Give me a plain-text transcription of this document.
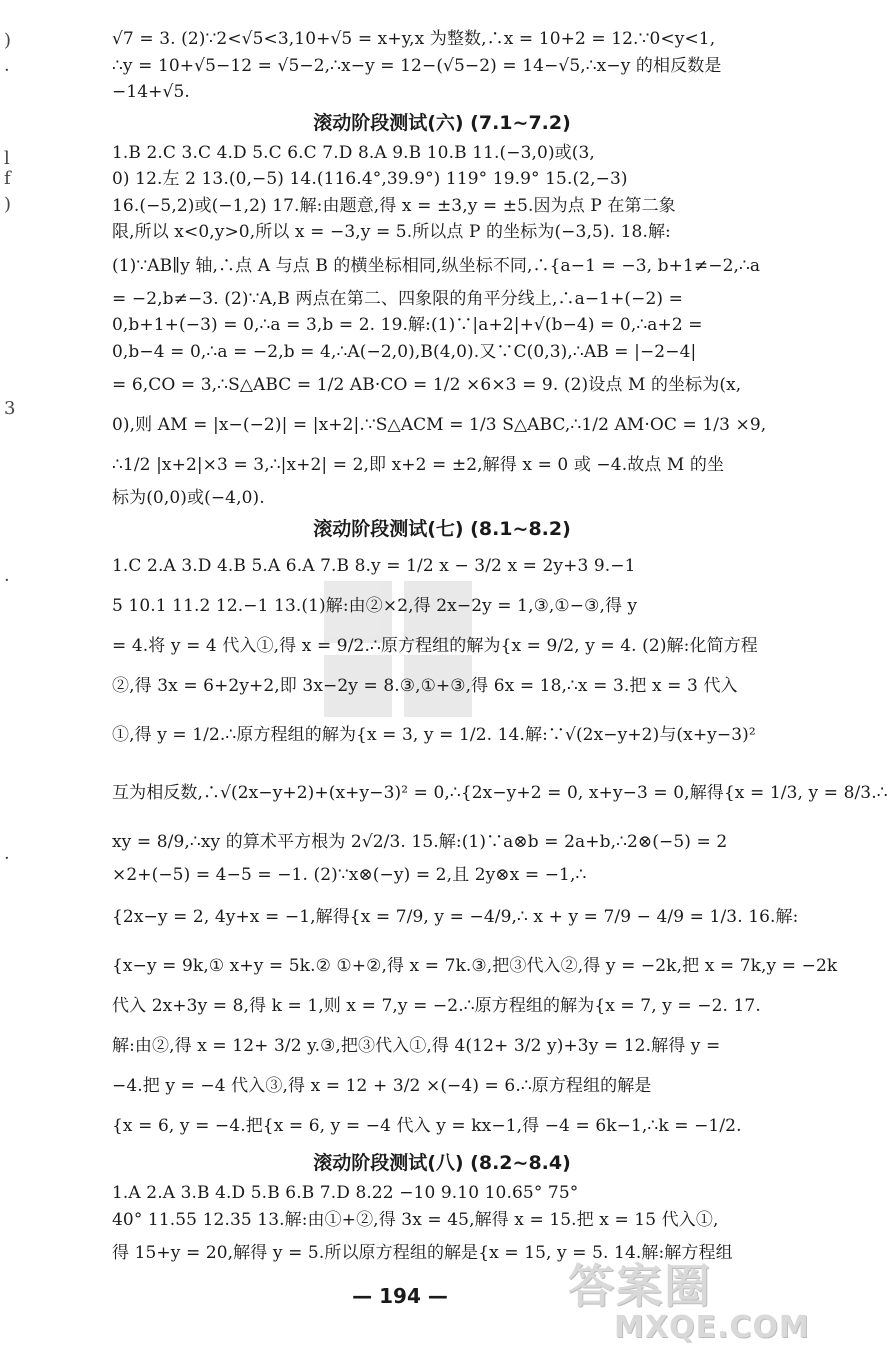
)
·
l
f
)
3
·
·

√7 = 3. (2)∵2<√5<3,10+√5 = x+y,x 为整数,∴x = 10+2 = 12.∵0<y<1,

∴y = 10+√5−12 = √5−2,∴x−y = 12−(√5−2) = 14−√5,∴x−y 的相反数是

−14+√5.

滚动阶段测试(六) (7.1~7.2)

1.B 2.C 3.C 4.D 5.C 6.C 7.D 8.A 9.B 10.B 11.(−3,0)或(3,

0) 12.左 2 13.(0,−5) 14.(116.4°,39.9°) 119° 19.9° 15.(2,−3)

16.(−5,2)或(−1,2) 17.解:由题意,得 x = ±3,y = ±5.因为点 P 在第二象

限,所以 x<0,y>0,所以 x = −3,y = 5.所以点 P 的坐标为(−3,5). 18.解:

(1)∵AB∥y 轴,∴点 A 与点 B 的横坐标相同,纵坐标不同,∴{a−1 = −3, b+1≠−2,∴a

= −2,b≠−3. (2)∵A,B 两点在第二、四象限的角平分线上,∴a−1+(−2) =

0,b+1+(−3) = 0,∴a = 3,b = 2. 19.解:(1)∵|a+2|+√(b−4) = 0,∴a+2 =

0,b−4 = 0,∴a = −2,b = 4,∴A(−2,0),B(4,0).又∵C(0,3),∴AB = |−2−4|

= 6,CO = 3,∴S△ABC = 1/2 AB·CO = 1/2 ×6×3 = 9. (2)设点 M 的坐标为(x,

0),则 AM = |x−(−2)| = |x+2|.∵S△ACM = 1/3 S△ABC,∴1/2 AM·OC = 1/3 ×9,

∴1/2 |x+2|×3 = 3,∴|x+2| = 2,即 x+2 = ±2,解得 x = 0 或 −4.故点 M 的坐

标为(0,0)或(−4,0).

滚动阶段测试(七) (8.1~8.2)

1.C 2.A 3.D 4.B 5.A 6.A 7.B 8.y = 1/2 x − 3/2 x = 2y+3 9.−1

5 10.1 11.2 12.−1 13.(1)解:由②×2,得 2x−2y = 1,③,①−③,得 y

= 4.将 y = 4 代入①,得 x = 9/2.∴原方程组的解为{x = 9/2, y = 4. (2)解:化简方程

②,得 3x = 6+2y+2,即 3x−2y = 8.③,①+③,得 6x = 18,∴x = 3.把 x = 3 代入

①,得 y = 1/2.∴原方程组的解为{x = 3, y = 1/2. 14.解:∵√(2x−y+2)与(x+y−3)²

互为相反数,∴√(2x−y+2)+(x+y−3)² = 0,∴{2x−y+2 = 0, x+y−3 = 0,解得{x = 1/3, y = 8/3.∴

xy = 8/9,∴xy 的算术平方根为 2√2/3. 15.解:(1)∵a⊗b = 2a+b,∴2⊗(−5) = 2

×2+(−5) = 4−5 = −1. (2)∵x⊗(−y) = 2,且 2y⊗x = −1,∴

{2x−y = 2, 4y+x = −1,解得{x = 7/9, y = −4/9,∴ x + y = 7/9 − 4/9 = 1/3. 16.解:

{x−y = 9k,① x+y = 5k.② ①+②,得 x = 7k.③,把③代入②,得 y = −2k,把 x = 7k,y = −2k

代入 2x+3y = 8,得 k = 1,则 x = 7,y = −2.∴原方程组的解为{x = 7, y = −2. 17.

解:由②,得 x = 12+ 3/2 y.③,把③代入①,得 4(12+ 3/2 y)+3y = 12.解得 y =

−4.把 y = −4 代入③,得 x = 12 + 3/2 ×(−4) = 6.∴原方程组的解是

{x = 6, y = −4.把{x = 6, y = −4 代入 y = kx−1,得 −4 = 6k−1,∴k = −1/2.

滚动阶段测试(八) (8.2~8.4)

1.A 2.A 3.B 4.D 5.B 6.B 7.D 8.22 −10 9.10 10.65° 75°

40° 11.55 12.35 13.解:由①+②,得 3x = 45,解得 x = 15.把 x = 15 代入①,

得 15+y = 20,解得 y = 5.所以原方程组的解是{x = 15, y = 5. 14.解:解方程组

— 194 —	答案圈
MXQE.COM
